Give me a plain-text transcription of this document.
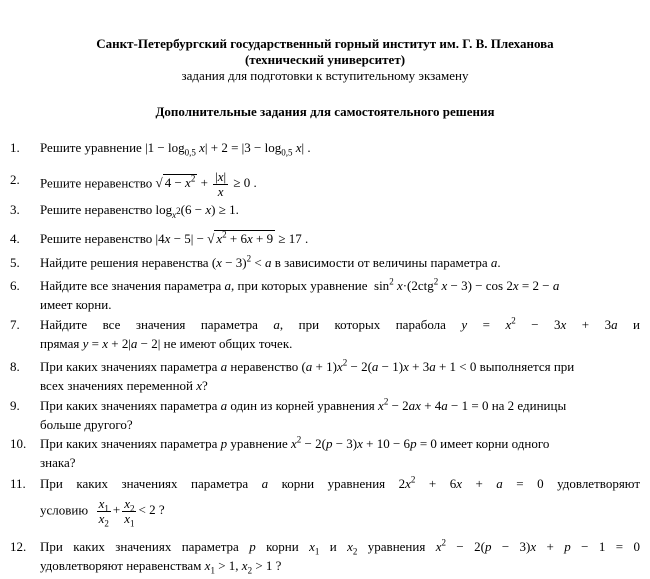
Санкт-Петербургский государственный горный институт им. Г. В. Плеханова
(технический университет)
задания для подготовки к вступительному экзамену
Дополнительные задания для самостоятельного решения
1.	Решите уравнение $|1 - \log_{0,5} x| + 2 = |3 - \log_{0,5} x|$ .
2.	Решите неравенство √ $4 - x^2 + \frac{|x|}{x} \ge 0$ .
3.	Решите неравенство $\log_{x^2}(6 - x) \ge 1$.
4.	Решите неравенство |4x − 5| − √ $x^2 + 6x + 9 \ge 17$ .
5.	Найдите решения неравенства $(x - 3)^2 < a$ в зависимости от величины параметра a.
6.	Найдите все значения параметра a, при которых уравнение $\sin^2 x\cdot(2ctg^2$ x − 3) − cos 2x = 2 − a
имеет корни.
7.	Найдите все значения параметра a, при которых парабола $y = x^2 - 3x + 3a$ и
прямая y = x + 2|a − 2| не имеют общих точек.
8.	При каких значениях параметра a неравенство $(a + 1)x^2 - 2(a - 1)x + 3a + 1 < 0$ выполняется при
всех значениях переменной x?
9.	При каких значениях параметра a один из корней уравнения $x^2 - 2ax + 4a - 1 = 0$ на 2 единицы
больше другого?
10.	При каких значениях параметра p уравнение $x^2 - 2(p - 3)x + 10 - 6p = 0$ имеет корни одного
знака?
11.	При каких значениях параметра a корни уравнения $2x^2 + 6x + a = 0$ удовлетворяют
условию $\frac{x_1}{x_2} + \frac{x_2}{x_1} < 2$ ?
12.	При каких значениях параметра p корни $x_1$ и $x_2$ уравнения $x^2 - 2(p - 3)x + p - 1 = 0$
удовлетворяют неравенствам $x_1 > 1$, $x_2 > 1$ ?
